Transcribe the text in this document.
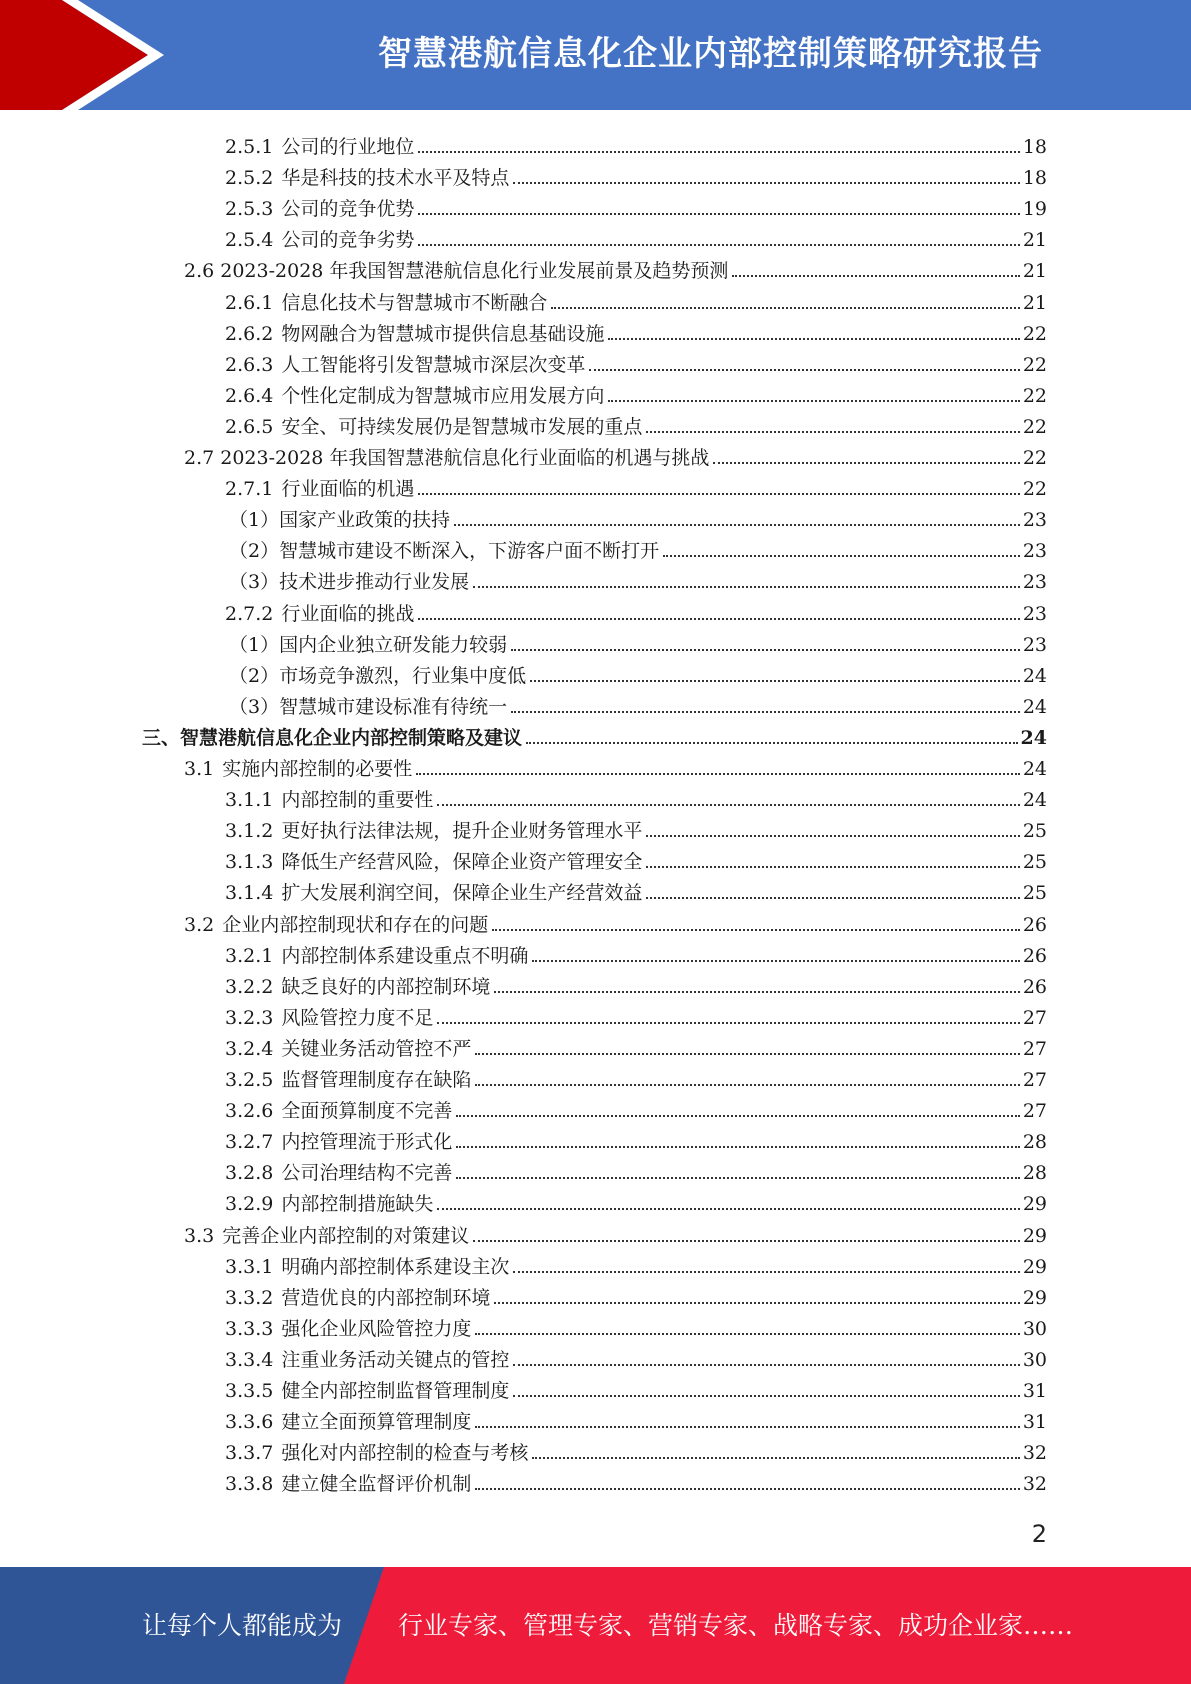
智慧港航信息化企业内部控制策略研究报告
2.5.1 公司的行业地位	18
2.5.2 华是科技的技术水平及特点	18
2.5.3 公司的竞争优势	19
2.5.4 公司的竞争劣势	21
2.6 2023-2028 年我国智慧港航信息化行业发展前景及趋势预测	21
2.6.1 信息化技术与智慧城市不断融合	21
2.6.2 物网融合为智慧城市提供信息基础设施	22
2.6.3 人工智能将引发智慧城市深层次变革	22
2.6.4 个性化定制成为智慧城市应用发展方向	22
2.6.5 安全、可持续发展仍是智慧城市发展的重点	22
2.7 2023-2028 年我国智慧港航信息化行业面临的机遇与挑战	22
2.7.1 行业面临的机遇	22
（1）国家产业政策的扶持	23
（2）智慧城市建设不断深入，下游客户面不断打开	23
（3）技术进步推动行业发展	23
2.7.2 行业面临的挑战	23
（1）国内企业独立研发能力较弱	23
（2）市场竞争激烈，行业集中度低	24
（3）智慧城市建设标准有待统一	24
三、智慧港航信息化企业内部控制策略及建议	24
3.1 实施内部控制的必要性	24
3.1.1 内部控制的重要性	24
3.1.2 更好执行法律法规，提升企业财务管理水平	25
3.1.3 降低生产经营风险，保障企业资产管理安全	25
3.1.4 扩大发展利润空间，保障企业生产经营效益	25
3.2 企业内部控制现状和存在的问题	26
3.2.1 内部控制体系建设重点不明确	26
3.2.2 缺乏良好的内部控制环境	26
3.2.3 风险管控力度不足	27
3.2.4 关键业务活动管控不严	27
3.2.5 监督管理制度存在缺陷	27
3.2.6 全面预算制度不完善	27
3.2.7 内控管理流于形式化	28
3.2.8 公司治理结构不完善	28
3.2.9 内部控制措施缺失	29
3.3 完善企业内部控制的对策建议	29
3.3.1 明确内部控制体系建设主次	29
3.3.2 营造优良的内部控制环境	29
3.3.3 强化企业风险管控力度	30
3.3.4 注重业务活动关键点的管控	30
3.3.5 健全内部控制监督管理制度	31
3.3.6 建立全面预算管理制度	31
3.3.7 强化对内部控制的检查与考核	32
3.3.8 建立健全监督评价机制	32
2
让每个人都能成为 行业专家、管理专家、营销专家、战略专家、成功企业家……
